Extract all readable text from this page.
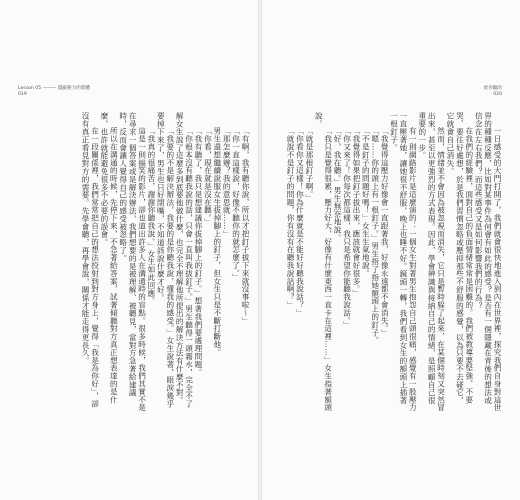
Lesson 05 ——— 隱蔽秘力的實體
019
給你聽的
020

一日感受的大門打開了，我們就會很快地進入到內在世界裡，探究我們自身對這世界的種種反應，比如對某事件為何會有如此的感受？是否有一個隱藏在背後的想法或信念在左右我們？而這些感受又是如何影響我們的行為？

在我們的經驗裡，面對自己的負面情緒常常是困難的。我們被教導要堅強、不要哭、要往好處想，於是我們習慣忽略或壓抑那些不舒服的感覺，以為只要不去碰它，它就會自己消失。

然而，情緒並不會因為被忽視而消失，它只是暫時躲了起來，在某個時刻又突然冒出來，甚至以更強烈的方式表現。因此，學會辨識與接納自己的情緒，是照顧自己很重要的一步。

有一則網路影片是這麼演的：一個女生對著男生抱怨自己頭很痛，感覺有一股壓力一直壓著她，讓她很不舒服，晚上也睡不好。鏡頭一轉，我們看到女生的額頭上插著一根釘子。

「我覺得這壓力好像會一直跟著我，好像永遠都不會消失。」

「嗯……你的頭上有一根釘子。」男生指了指她額頭上的釘子。

「不是釘子的問題好嗎！」女生生氣地說。

「我覺得如果把釘子拔出來，應該就會好很多。」

「你又來了！你每次都這樣，我只是希望你能聽我說話。」

「好，我在聽。」男生無奈地說。

「我只是覺得很累，壓力好大，好像有什麼東西一直卡在這裡……」女生指著額頭說。

「就是那根釘子啊。」

「你看你又這樣！你為什麼就是不能好好聽我說話？」

「就說不是釘子的問題，你有沒有在聽我說話啊？」

「有啊，我有聽你說，所以才把釘子拔下來就沒事啦～」

「你一直這樣說，好像不聽你的就怎麼了。」

「那怎麼辦？我的意思就……」

男生還想繼續說服女生拔掉腳上的釘子，但女生只是不斷打斷他。

「你看，現在就是沒在聽。」

「我有聽了，我只是想建議你拔掉腳上的釘子。」想著我們要處理問題。

「你根本沒有聽我說的話，只會一直叫我拔釘子。」男生聽得一頭霧水，完全不了解女生說了這麼多到底要他做什麼，也完全不理解他所提出的解決方法有什麼不對。

「我要的不是解決辦法，我要的是你聽我說，懂我的感受。」女生說著，眼淚幾乎要掉下來了，男生也只好閉嘴，不知道該說什麼才好。

「我真的很痛苦，謝謝你聽我說。」女生如此回應。

這是一則搞笑的影片，卻也道出許多人在溝通時的盲點。很多時候，我們其實不是在尋求一個答案或是解決辦法，我們想要的是被理解、被聽見，當對方急著給建議時，反而會讓人覺得自己的感受被忽略了。

所以在溝通的時候，先停下來，不急著給答案，試著傾聽對方真正想表達的是什麼，也許就能避免很多不必要的誤會。

在一段關係裡，我們常常把自己的想法投射到對方身上，覺得「我是為你好」，卻沒有真正看見對方的需要。先學會聽，再學會說，關係才能走得更長久。
